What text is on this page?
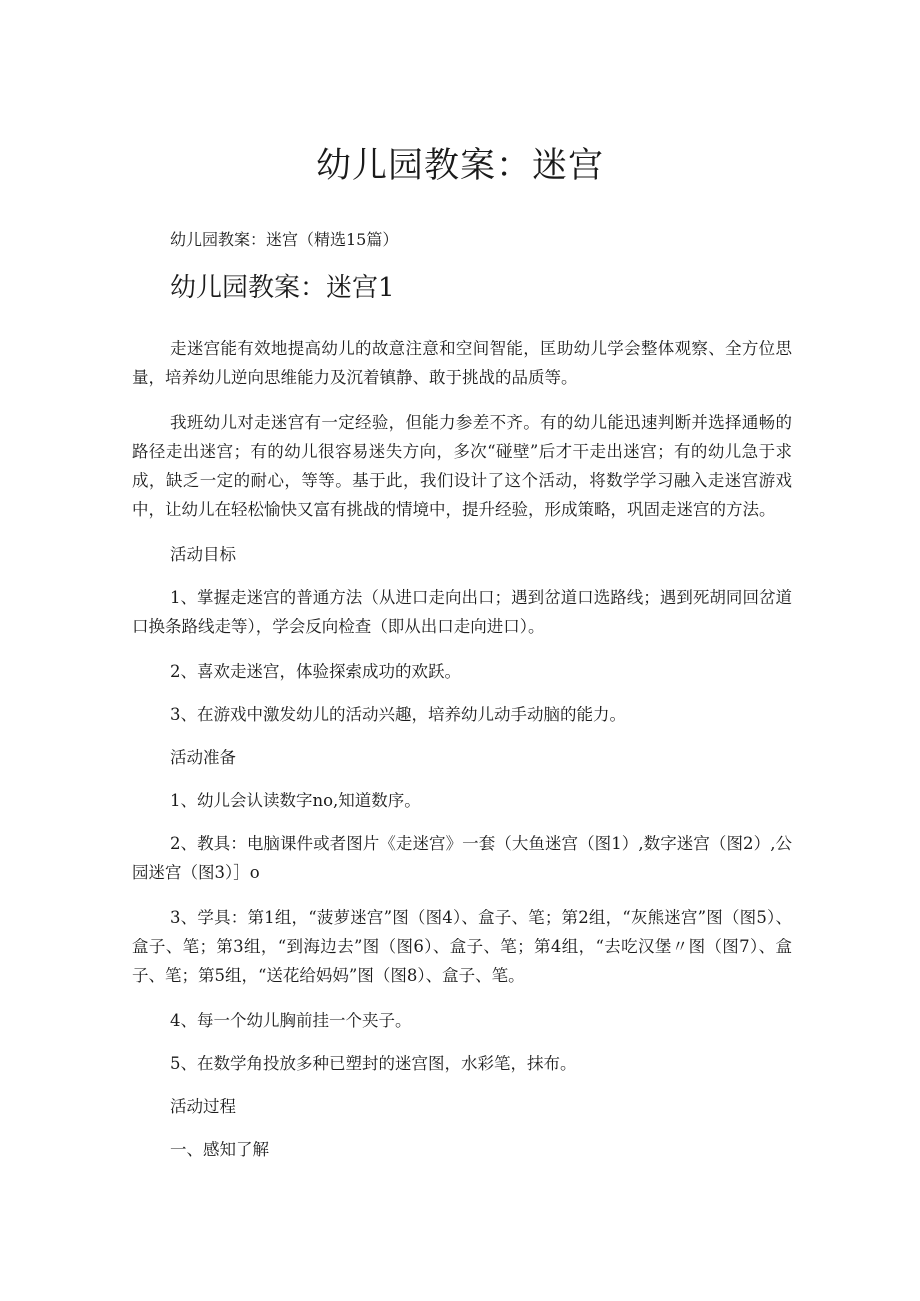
幼儿园教案：迷宫

幼儿园教案：迷宫（精选15篇）

幼儿园教案：迷宫1

走迷宫能有效地提高幼儿的故意注意和空间智能，匡助幼儿学会整体观察、全方位思量，培养幼儿逆向思维能力及沉着镇静、敢于挑战的品质等。

我班幼儿对走迷宫有一定经验，但能力参差不齐。有的幼儿能迅速判断并选择通畅的路径走出迷宫；有的幼儿很容易迷失方向，多次“碰壁”后才干走出迷宫；有的幼儿急于求成，缺乏一定的耐心，等等。基于此，我们设计了这个活动，将数学学习融入走迷宫游戏中，让幼儿在轻松愉快又富有挑战的情境中，提升经验，形成策略，巩固走迷宫的方法。

活动目标

1、掌握走迷宫的普通方法（从进口走向出口；遇到岔道口选路线；遇到死胡同回岔道口换条路线走等），学会反向检查（即从出口走向进口）。

2、喜欢走迷宫，体验探索成功的欢跃。

3、在游戏中激发幼儿的活动兴趣，培养幼儿动手动脑的能力。

活动准备

1、幼儿会认读数字no,知道数序。

2、教具：电脑课件或者图片《走迷宫》一套（大鱼迷宫（图1）,数字迷宫（图2）,公园迷宫（图3）］o

3、学具：第1组，“菠萝迷宫”图（图4）、盒子、笔；第2组，“灰熊迷宫”图（图5）、盒子、笔；第3组，“到海边去”图（图6）、盒子、笔；第4组，“去吃汉堡〃图（图7）、盒子、笔；第5组，“送花给妈妈”图（图8）、盒子、笔。

4、每一个幼儿胸前挂一个夹子。

5、在数学角投放多种已塑封的迷宫图，水彩笔，抹布。

活动过程

一、感知了解
